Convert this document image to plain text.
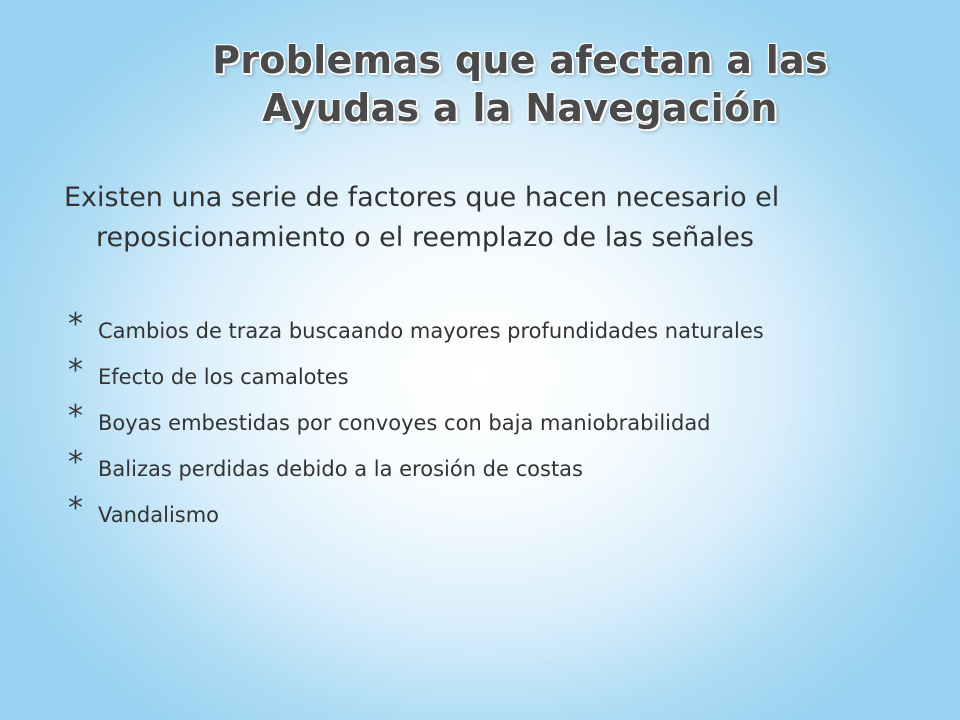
Problemas que afectan a las
Ayudas a la Navegación

Existen una serie de factores que hacen necesario el reposicionamiento o el reemplazo de las señales

* Cambios de traza buscaando mayores profundidades naturales
* Efecto de los camalotes
* Boyas embestidas por convoyes con baja maniobrabilidad
* Balizas perdidas debido a la erosión de costas
* Vandalismo
